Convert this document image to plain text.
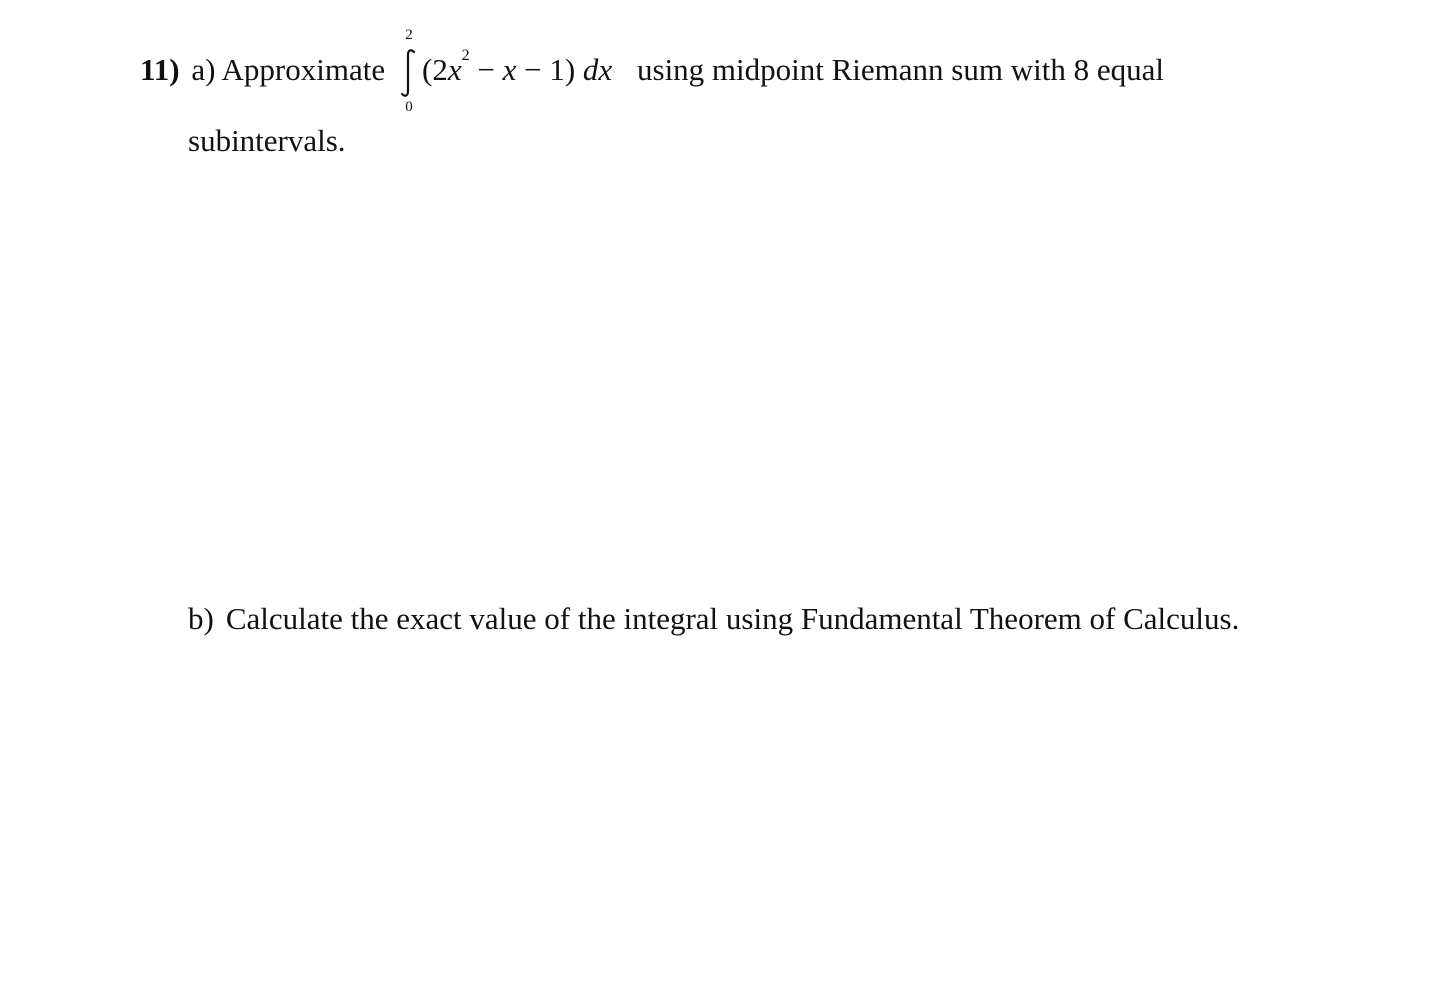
11) a) Approximate
2
0
$(2x^2 - x - 1)$ dx using midpoint Riemann sum with 8 equal
subintervals.
b) Calculate the exact value of the integral using Fundamental Theorem of Calculus.
